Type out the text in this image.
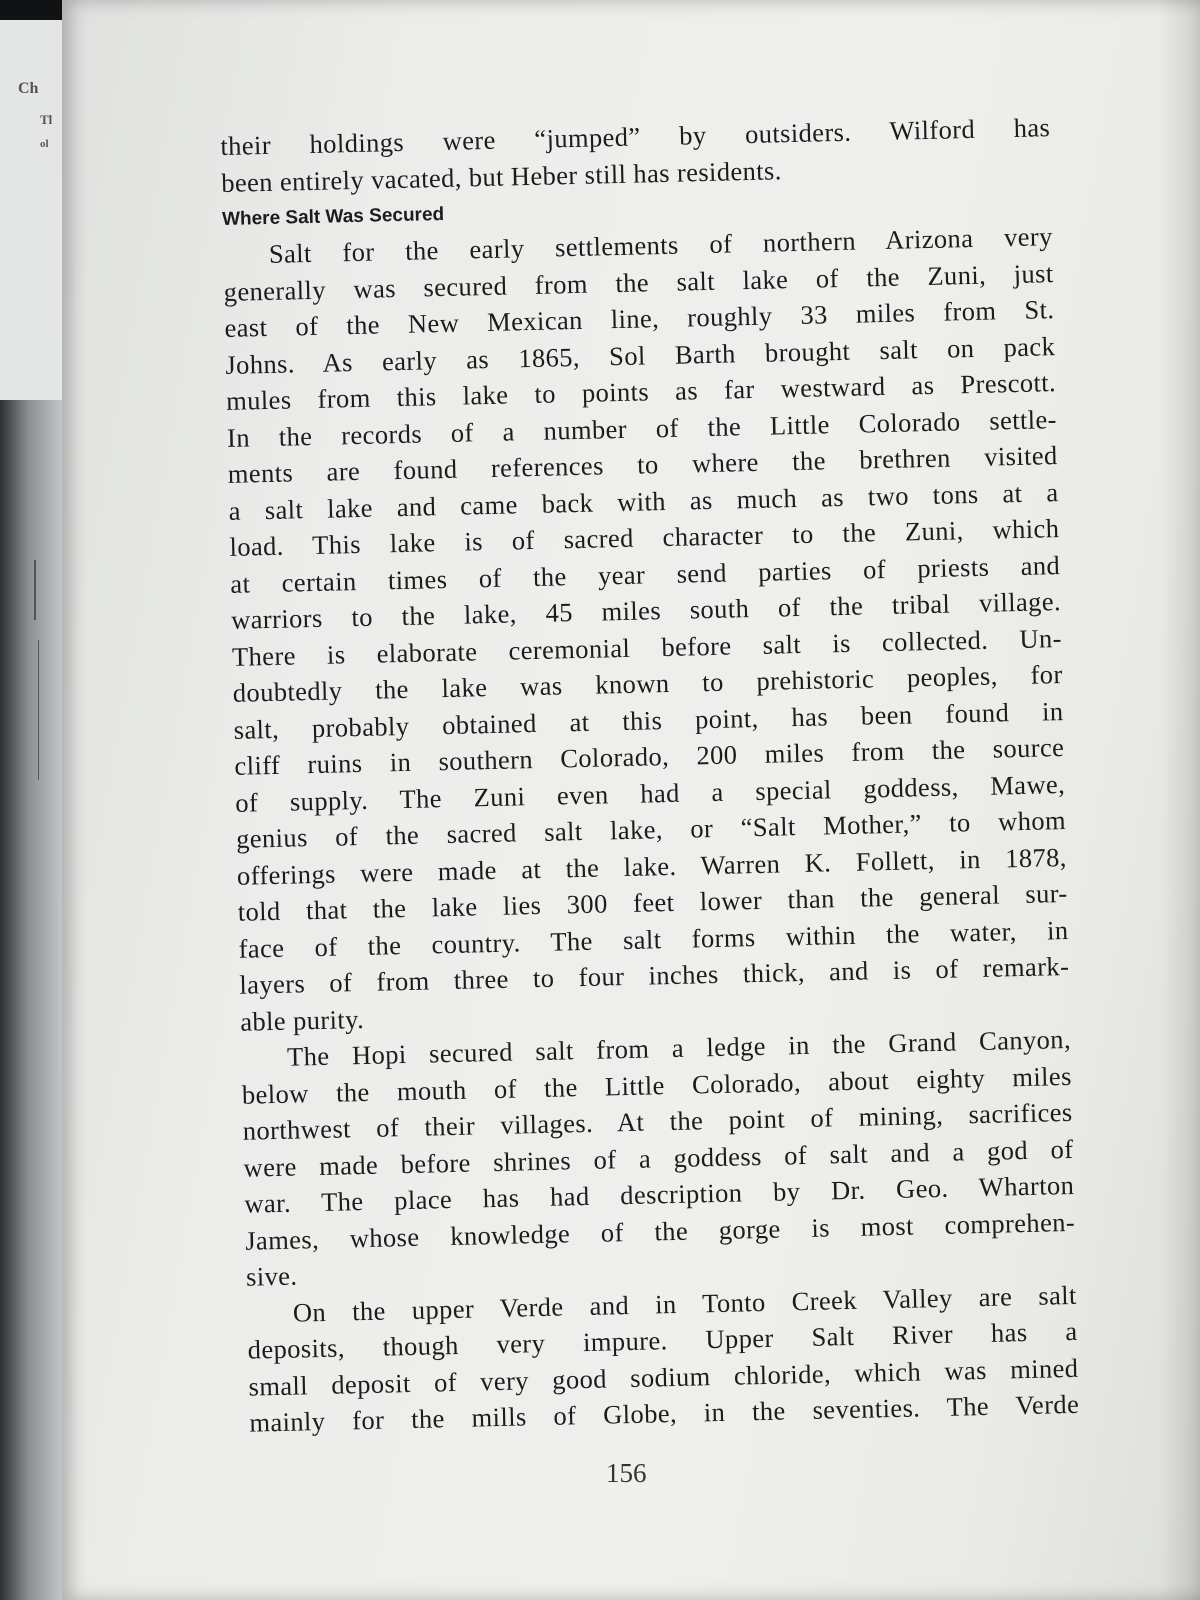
Ch
Tl
ol	their holdings were “jumped” by outsiders. Wilford has
been entirely vacated, but Heber still has residents.
Where Salt Was Secured
Salt for the early settlements of northern Arizona very
generally was secured from the salt lake of the Zuni, just
east of the New Mexican line, roughly 33 miles from St.
Johns. As early as 1865, Sol Barth brought salt on pack
mules from this lake to points as far westward as Prescott.
In the records of a number of the Little Colorado settle-
ments are found references to where the brethren visited
a salt lake and came back with as much as two tons at a
load. This lake is of sacred character to the Zuni, which
at certain times of the year send parties of priests and
warriors to the lake, 45 miles south of the tribal village.
There is elaborate ceremonial before salt is collected. Un-
doubtedly the lake was known to prehistoric peoples, for
salt, probably obtained at this point, has been found in
cliff ruins in southern Colorado, 200 miles from the source
of supply. The Zuni even had a special goddess, Mawe,
genius of the sacred salt lake, or “Salt Mother,” to whom
offerings were made at the lake. Warren K. Follett, in 1878,
told that the lake lies 300 feet lower than the general sur-
face of the country. The salt forms within the water, in
layers of from three to four inches thick, and is of remark-
able purity.
The Hopi secured salt from a ledge in the Grand Canyon,
below the mouth of the Little Colorado, about eighty miles
northwest of their villages. At the point of mining, sacrifices
were made before shrines of a goddess of salt and a god of
war. The place has had description by Dr. Geo. Wharton
James, whose knowledge of the gorge is most comprehen-
sive.
On the upper Verde and in Tonto Creek Valley are salt
deposits, though very impure. Upper Salt River has a
small deposit of very good sodium chloride, which was mined
mainly for the mills of Globe, in the seventies. The Verde
156
